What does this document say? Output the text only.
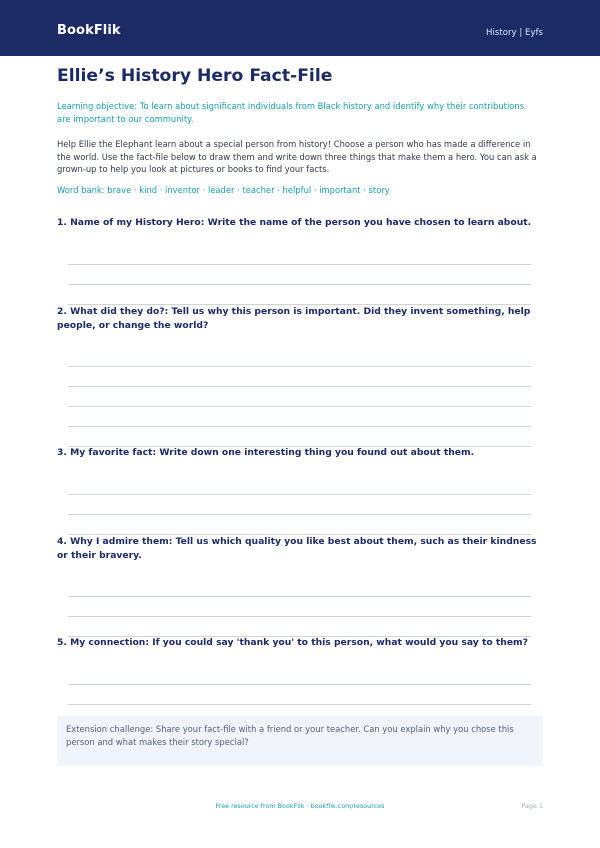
BookFlik	History | Eyfs
Ellie’s History Hero Fact-File
Learning objective: To learn about significant individuals from Black history and identify why their contributions are important to our community.
Help Ellie the Elephant learn about a special person from history! Choose a person who has made a difference in the world. Use the fact-file below to draw them and write down three things that make them a hero. You can ask a grown-up to help you look at pictures or books to find your facts.
Word bank: brave · kind · inventor · leader · teacher · helpful · important · story

1. Name of my History Hero: Write the name of the person you have chosen to learn about.

2. What did they do?: Tell us why this person is important. Did they invent something, help people, or change the world?

3. My favorite fact: Write down one interesting thing you found out about them.

4. Why I admire them: Tell us which quality you like best about them, such as their kindness or their bravery.

5. My connection: If you could say 'thank you' to this person, what would you say to them?

Extension challenge: Share your fact-file with a friend or your teacher. Can you explain why you chose this person and what makes their story special?
Free resource from BookFlik · bookflik.com/resources	Page 1
